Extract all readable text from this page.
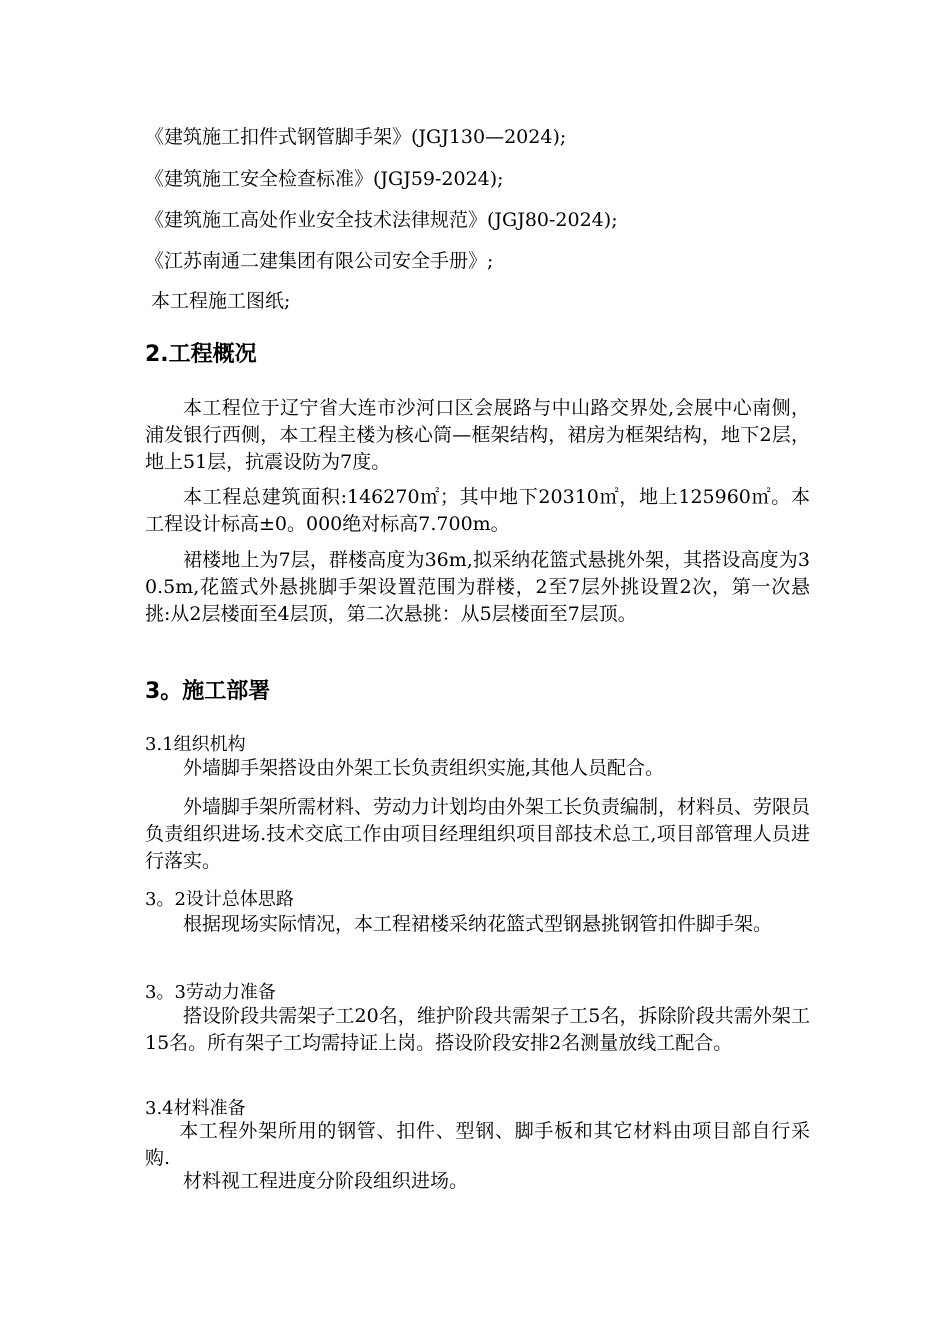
《建筑施工扣件式钢管脚手架》(JGJ130—2024);
《建筑施工安全检查标准》(JGJ59-2024);
《建筑施工高处作业安全技术法律规范》(JGJ80-2024);
《江苏南通二建集团有限公司安全手册》;
本工程施工图纸;
2.工程概况
本工程位于辽宁省大连市沙河口区会展路与中山路交界处,会展中心南侧，浦发银行西侧，本工程主楼为核心筒—框架结构，裙房为框架结构，地下2层，地上51层，抗震设防为7度。
本工程总建筑面积:146270㎡；其中地下20310㎡，地上125960㎡。本工程设计标高±0。000绝对标高7.700m。
裙楼地上为7层，群楼高度为36m,拟采纳花篮式悬挑外架，其搭设高度为30.5m,花篮式外悬挑脚手架设置范围为群楼，2至7层外挑设置2次，第一次悬挑:从2层楼面至4层顶，第二次悬挑：从5层楼面至7层顶。
3。施工部署
3.1组织机构
外墙脚手架搭设由外架工长负责组织实施,其他人员配合。
外墙脚手架所需材料、劳动力计划均由外架工长负责编制，材料员、劳限员负责组织进场.技术交底工作由项目经理组织项目部技术总工,项目部管理人员进行落实。
3。2设计总体思路
根据现场实际情况，本工程裙楼采纳花篮式型钢悬挑钢管扣件脚手架。
3。3劳动力准备
搭设阶段共需架子工20名，维护阶段共需架子工5名，拆除阶段共需外架工15名。所有架子工均需持证上岗。搭设阶段安排2名测量放线工配合。
3.4材料准备
本工程外架所用的钢管、扣件、型钢、脚手板和其它材料由项目部自行采购.
材料视工程进度分阶段组织进场。
